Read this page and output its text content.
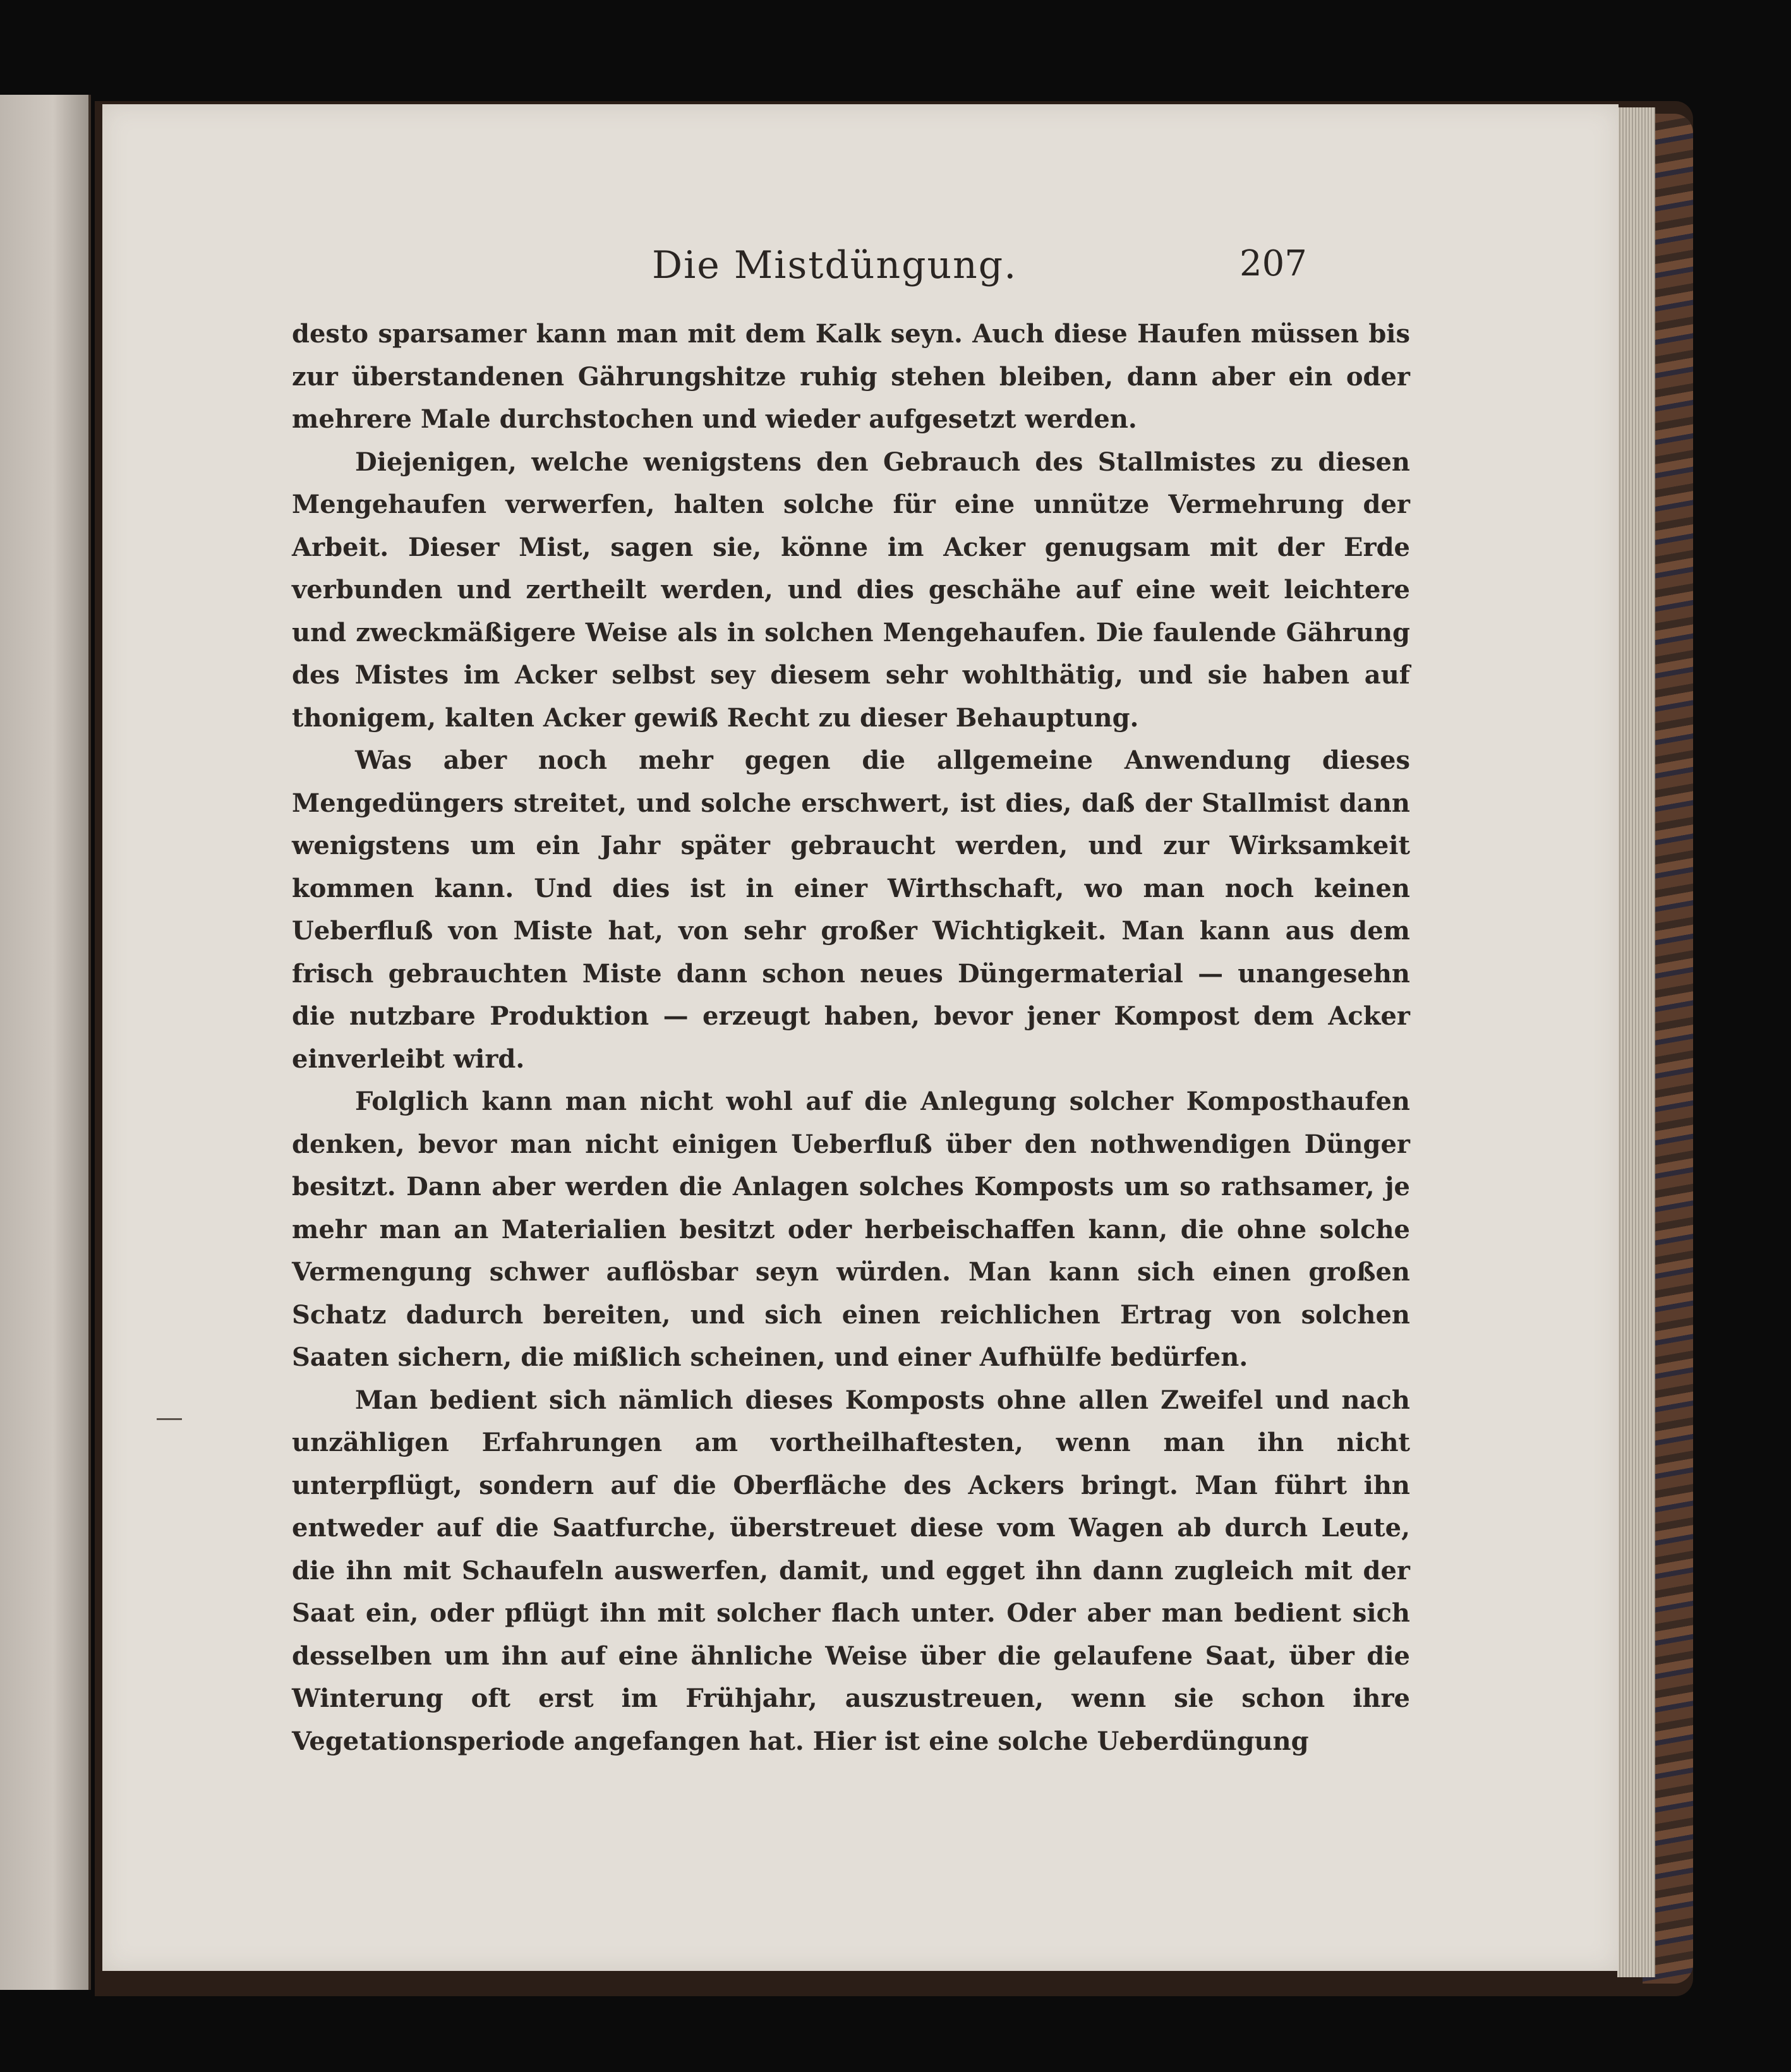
Die Mistdüngung.	207

desto sparsamer kann man mit dem Kalk seyn. Auch diese Haufen müssen bis zur überstandenen Gährungshitze ruhig stehen bleiben, dann aber ein oder mehrere Male durchstochen und wieder aufgesetzt werden.

Diejenigen, welche wenigstens den Gebrauch des Stallmistes zu diesen Mengehaufen verwerfen, halten solche für eine unnütze Vermehrung der Arbeit. Dieser Mist, sagen sie, könne im Acker genugsam mit der Erde verbunden und zertheilt werden, und dies geschähe auf eine weit leichtere und zweckmäßigere Weise als in solchen Mengehaufen. Die faulende Gährung des Mistes im Acker selbst sey diesem sehr wohlthätig, und sie haben auf thonigem, kalten Acker gewiß Recht zu dieser Behauptung.

Was aber noch mehr gegen die allgemeine Anwendung dieses Mengedüngers streitet, und solche erschwert, ist dies, daß der Stallmist dann wenigstens um ein Jahr später gebraucht werden, und zur Wirksamkeit kommen kann. Und dies ist in einer Wirthschaft, wo man noch keinen Ueberfluß von Miste hat, von sehr großer Wichtigkeit. Man kann aus dem frisch gebrauchten Miste dann schon neues Düngermaterial — unangesehn die nutzbare Produktion — erzeugt haben, bevor jener Kompost dem Acker einverleibt wird.

Folglich kann man nicht wohl auf die Anlegung solcher Komposthaufen denken, bevor man nicht einigen Ueberfluß über den nothwendigen Dünger besitzt. Dann aber werden die Anlagen solches Komposts um so rathsamer, je mehr man an Materialien besitzt oder herbeischaffen kann, die ohne solche Vermengung schwer auflösbar seyn würden. Man kann sich einen großen Schatz dadurch bereiten, und sich einen reichlichen Ertrag von solchen Saaten sichern, die mißlich scheinen, und einer Aufhülfe bedürfen.

Man bedient sich nämlich dieses Komposts ohne allen Zweifel und nach unzähligen Erfahrungen am vortheilhaftesten, wenn man ihn nicht unterpflügt, sondern auf die Oberfläche des Ackers bringt. Man führt ihn entweder auf die Saatfurche, überstreuet diese vom Wagen ab durch Leute, die ihn mit Schaufeln auswerfen, damit, und egget ihn dann zugleich mit der Saat ein, oder pflügt ihn mit solcher flach unter. Oder aber man bedient sich desselben um ihn auf eine ähnliche Weise über die gelaufene Saat, über die Winterung oft erst im Frühjahr, auszustreuen, wenn sie schon ihre Vegetationsperiode angefangen hat. Hier ist eine solche Ueberdüngung
